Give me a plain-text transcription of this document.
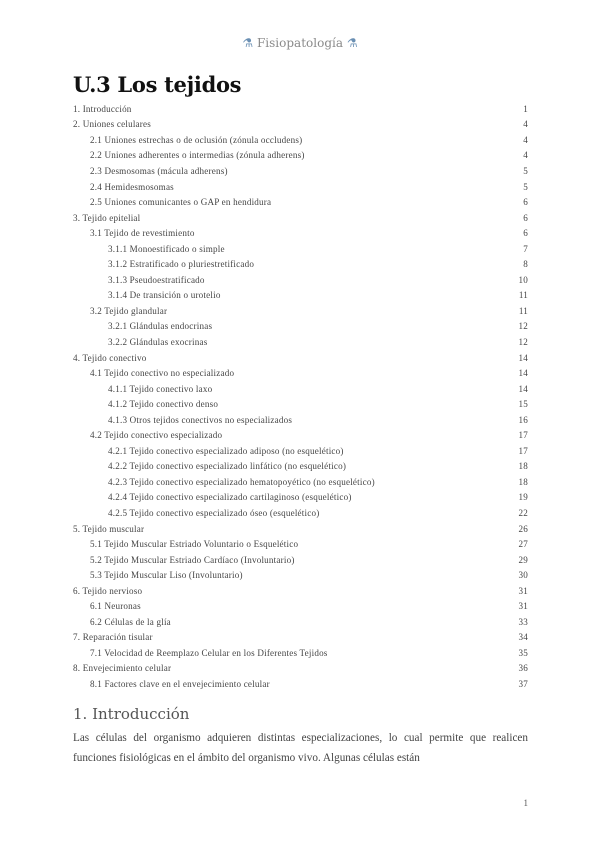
⚗ Fisiopatología ⚗
U.3 Los tejidos
1. Introducción	1
2. Uniones celulares	4
2.1 Uniones estrechas o de oclusión (zónula occludens)	4
2.2 Uniones adherentes o intermedias (zónula adherens)	4
2.3 Desmosomas (mácula adherens)	5
2.4 Hemidesmosomas	5
2.5 Uniones comunicantes o GAP en hendidura	6
3. Tejido epitelial	6
3.1 Tejido de revestimiento	6
3.1.1 Monoestificado o simple	7
3.1.2 Estratificado o pluriestretificado	8
3.1.3 Pseudoestratificado	10
3.1.4 De transición o urotelio	11
3.2 Tejido glandular	11
3.2.1 Glándulas endocrinas	12
3.2.2 Glándulas exocrinas	12
4. Tejido conectivo	14
4.1 Tejido conectivo no especializado	14
4.1.1 Tejido conectivo laxo	14
4.1.2 Tejido conectivo denso	15
4.1.3 Otros tejidos conectivos no especializados	16
4.2 Tejido conectivo especializado	17
4.2.1 Tejido conectivo especializado adiposo (no esquelético)	17
4.2.2 Tejido conectivo especializado linfático (no esquelético)	18
4.2.3 Tejido conectivo especializado hematopoyético (no esquelético)	18
4.2.4 Tejido conectivo especializado cartilaginoso (esquelético)	19
4.2.5 Tejido conectivo especializado óseo (esquelético)	22
5. Tejido muscular	26
5.1 Tejido Muscular Estriado Voluntario o Esquelético	27
5.2 Tejido Muscular Estriado Cardíaco (Involuntario)	29
5.3 Tejido Muscular Liso (Involuntario)	30
6. Tejido nervioso	31
6.1 Neuronas	31
6.2 Células de la glía	33
7. Reparación tisular	34
7.1 Velocidad de Reemplazo Celular en los Diferentes Tejidos	35
8. Envejecimiento celular	36
8.1 Factores clave en el envejecimiento celular	37
1. Introducción

Las células del organismo adquieren distintas especializaciones, lo cual permite que realicen funciones fisiológicas en el ámbito del organismo vivo. Algunas células están

1
